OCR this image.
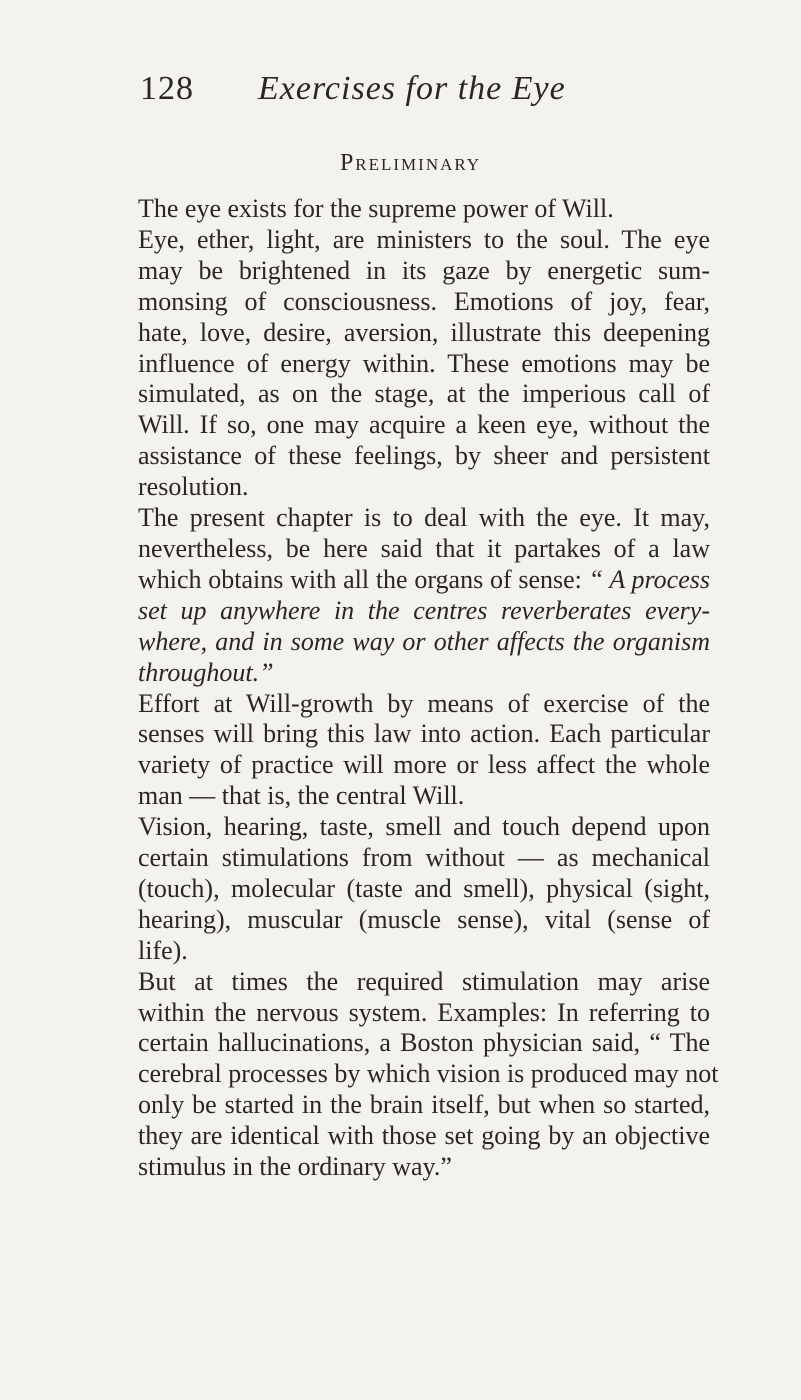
128 Exercises for the Eye
Preliminary

The eye exists for the supreme power of Will.

Eye, ether, light, are ministers to the soul. The eye
may be brightened in its gaze by energetic sum-
monsing of consciousness. Emotions of joy, fear,
hate, love, desire, aversion, illustrate this deepening
influence of energy within. These emotions may be
simulated, as on the stage, at the imperious call of
Will. If so, one may acquire a keen eye, without the
assistance of these feelings, by sheer and persistent
resolution.

The present chapter is to deal with the eye. It may,
nevertheless, be here said that it partakes of a law
which obtains with all the organs of sense: “ A process
set up anywhere in the centres reverberates every-
where, and in some way or other affects the organism
throughout.”

Effort at Will-growth by means of exercise of the
senses will bring this law into action. Each particular
variety of practice will more or less affect the whole
man — that is, the central Will.

Vision, hearing, taste, smell and touch depend upon
certain stimulations from without — as mechanical
(touch), molecular (taste and smell), physical (sight,
hearing), muscular (muscle sense), vital (sense of
life).

But at times the required stimulation may arise
within the nervous system. Examples: In referring to
certain hallucinations, a Boston physician said, “ The
cerebral processes by which vision is produced may not
only be started in the brain itself, but when so started,
they are identical with those set going by an objective
stimulus in the ordinary way.”
